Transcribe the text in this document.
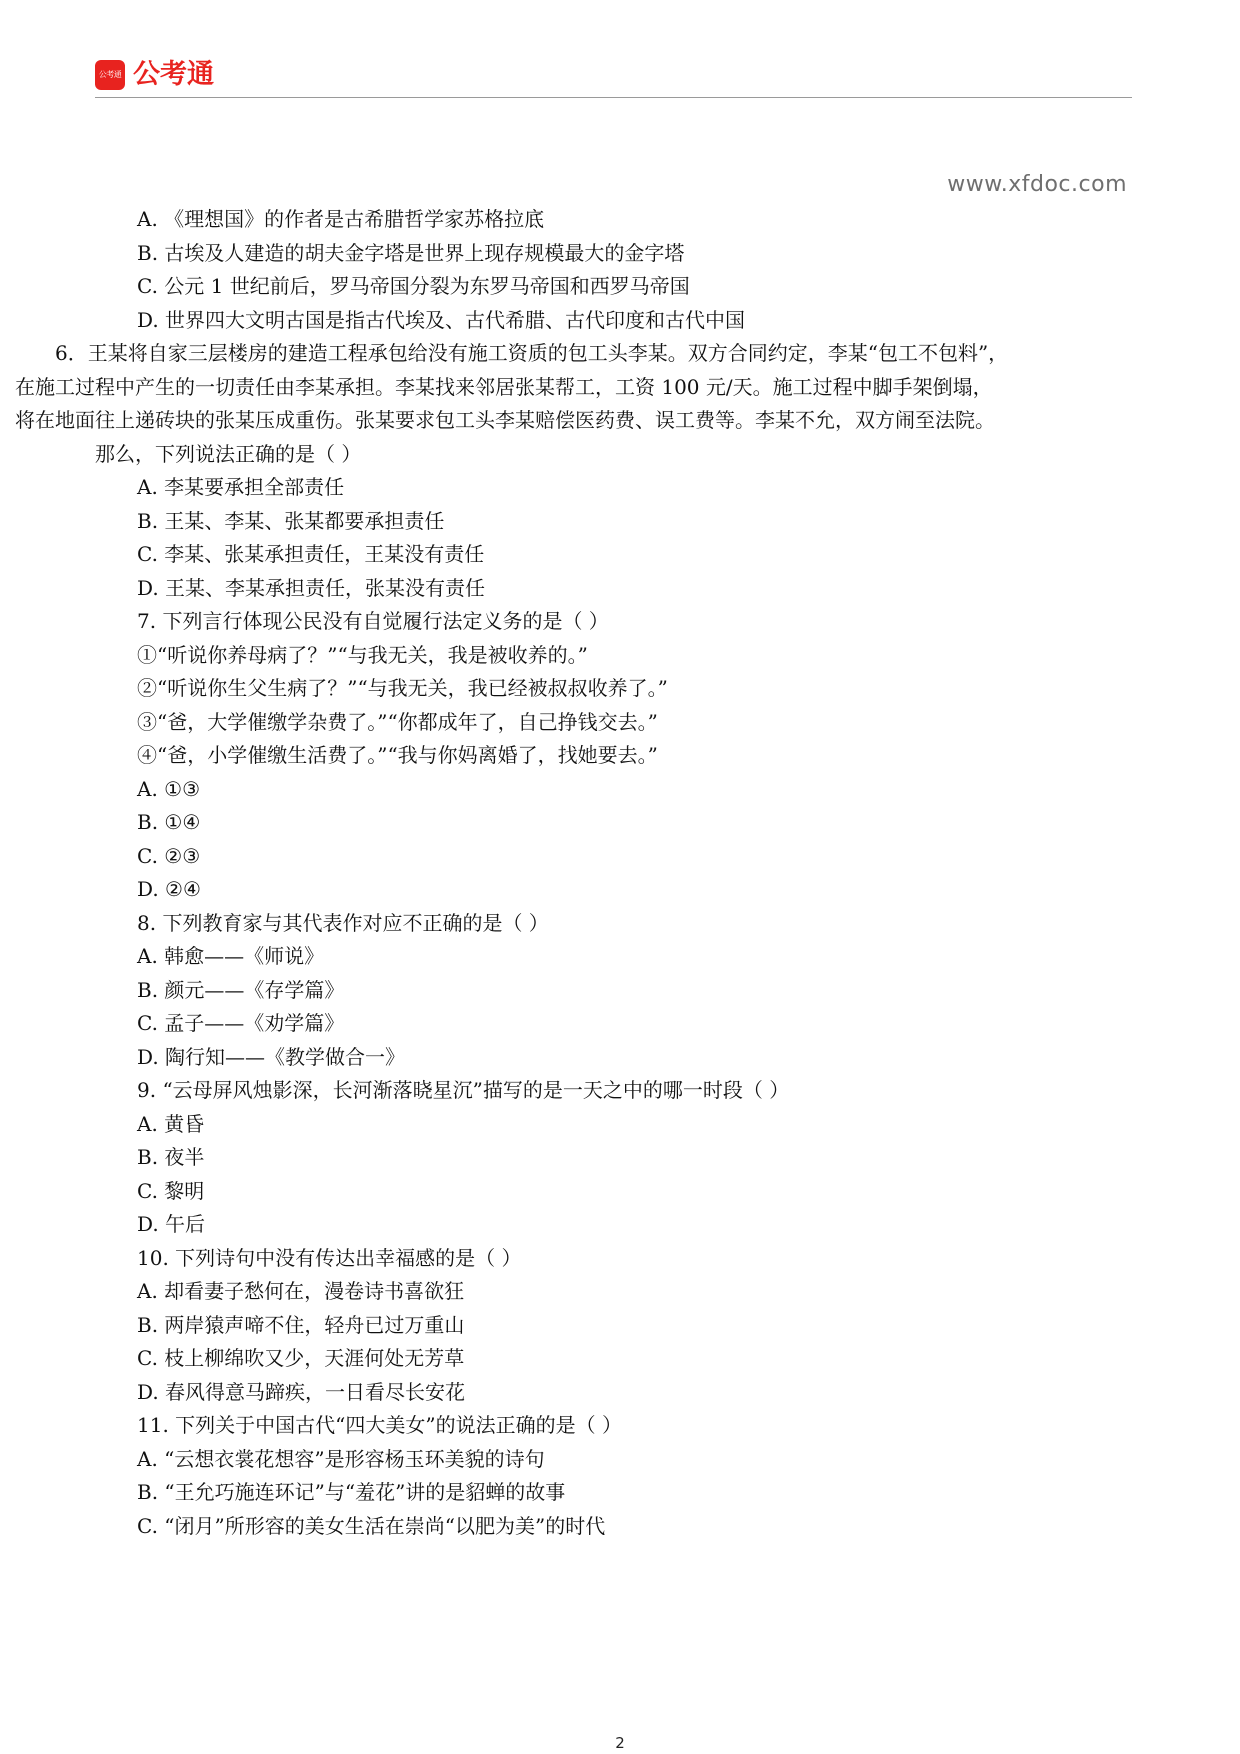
公考通 公考通
www.xfdoc.com
A. 《理想国》的作者是古希腊哲学家苏格拉底
B. 古埃及人建造的胡夫金字塔是世界上现存规模最大的金字塔
C. 公元 1 世纪前后，罗马帝国分裂为东罗马帝国和西罗马帝国
D. 世界四大文明古国是指古代埃及、古代希腊、古代印度和古代中国
6．王某将自家三层楼房的建造工程承包给没有施工资质的包工头李某。双方合同约定，李某“包工不包料”，
在施工过程中产生的一切责任由李某承担。李某找来邻居张某帮工，工资 100 元/天。施工过程中脚手架倒塌，
将在地面往上递砖块的张某压成重伤。张某要求包工头李某赔偿医药费、误工费等。李某不允，双方闹至法院。
那么，下列说法正确的是（ ）
A. 李某要承担全部责任
B. 王某、李某、张某都要承担责任
C. 李某、张某承担责任，王某没有责任
D. 王某、李某承担责任，张某没有责任
7. 下列言行体现公民没有自觉履行法定义务的是（ ）
①“听说你养母病了？”“与我无关，我是被收养的。”
②“听说你生父生病了？”“与我无关，我已经被叔叔收养了。”
③“爸，大学催缴学杂费了。”“你都成年了，自己挣钱交去。”
④“爸，小学催缴生活费了。”“我与你妈离婚了，找她要去。”
A. ①③
B. ①④
C. ②③
D. ②④
8. 下列教育家与其代表作对应不正确的是（ ）
A. 韩愈——《师说》
B. 颜元——《存学篇》
C. 孟子——《劝学篇》
D. 陶行知——《教学做合一》
9. “云母屏风烛影深，长河渐落晓星沉”描写的是一天之中的哪一时段（ ）
A. 黄昏
B. 夜半
C. 黎明
D. 午后
10. 下列诗句中没有传达出幸福感的是（ ）
A. 却看妻子愁何在，漫卷诗书喜欲狂
B. 两岸猿声啼不住，轻舟已过万重山
C. 枝上柳绵吹又少，天涯何处无芳草
D. 春风得意马蹄疾，一日看尽长安花
11. 下列关于中国古代“四大美女”的说法正确的是（ ）
A. “云想衣裳花想容”是形容杨玉环美貌的诗句
B. “王允巧施连环记”与“羞花”讲的是貂蝉的故事
C. “闭月”所形容的美女生活在崇尚“以肥为美”的时代
2
